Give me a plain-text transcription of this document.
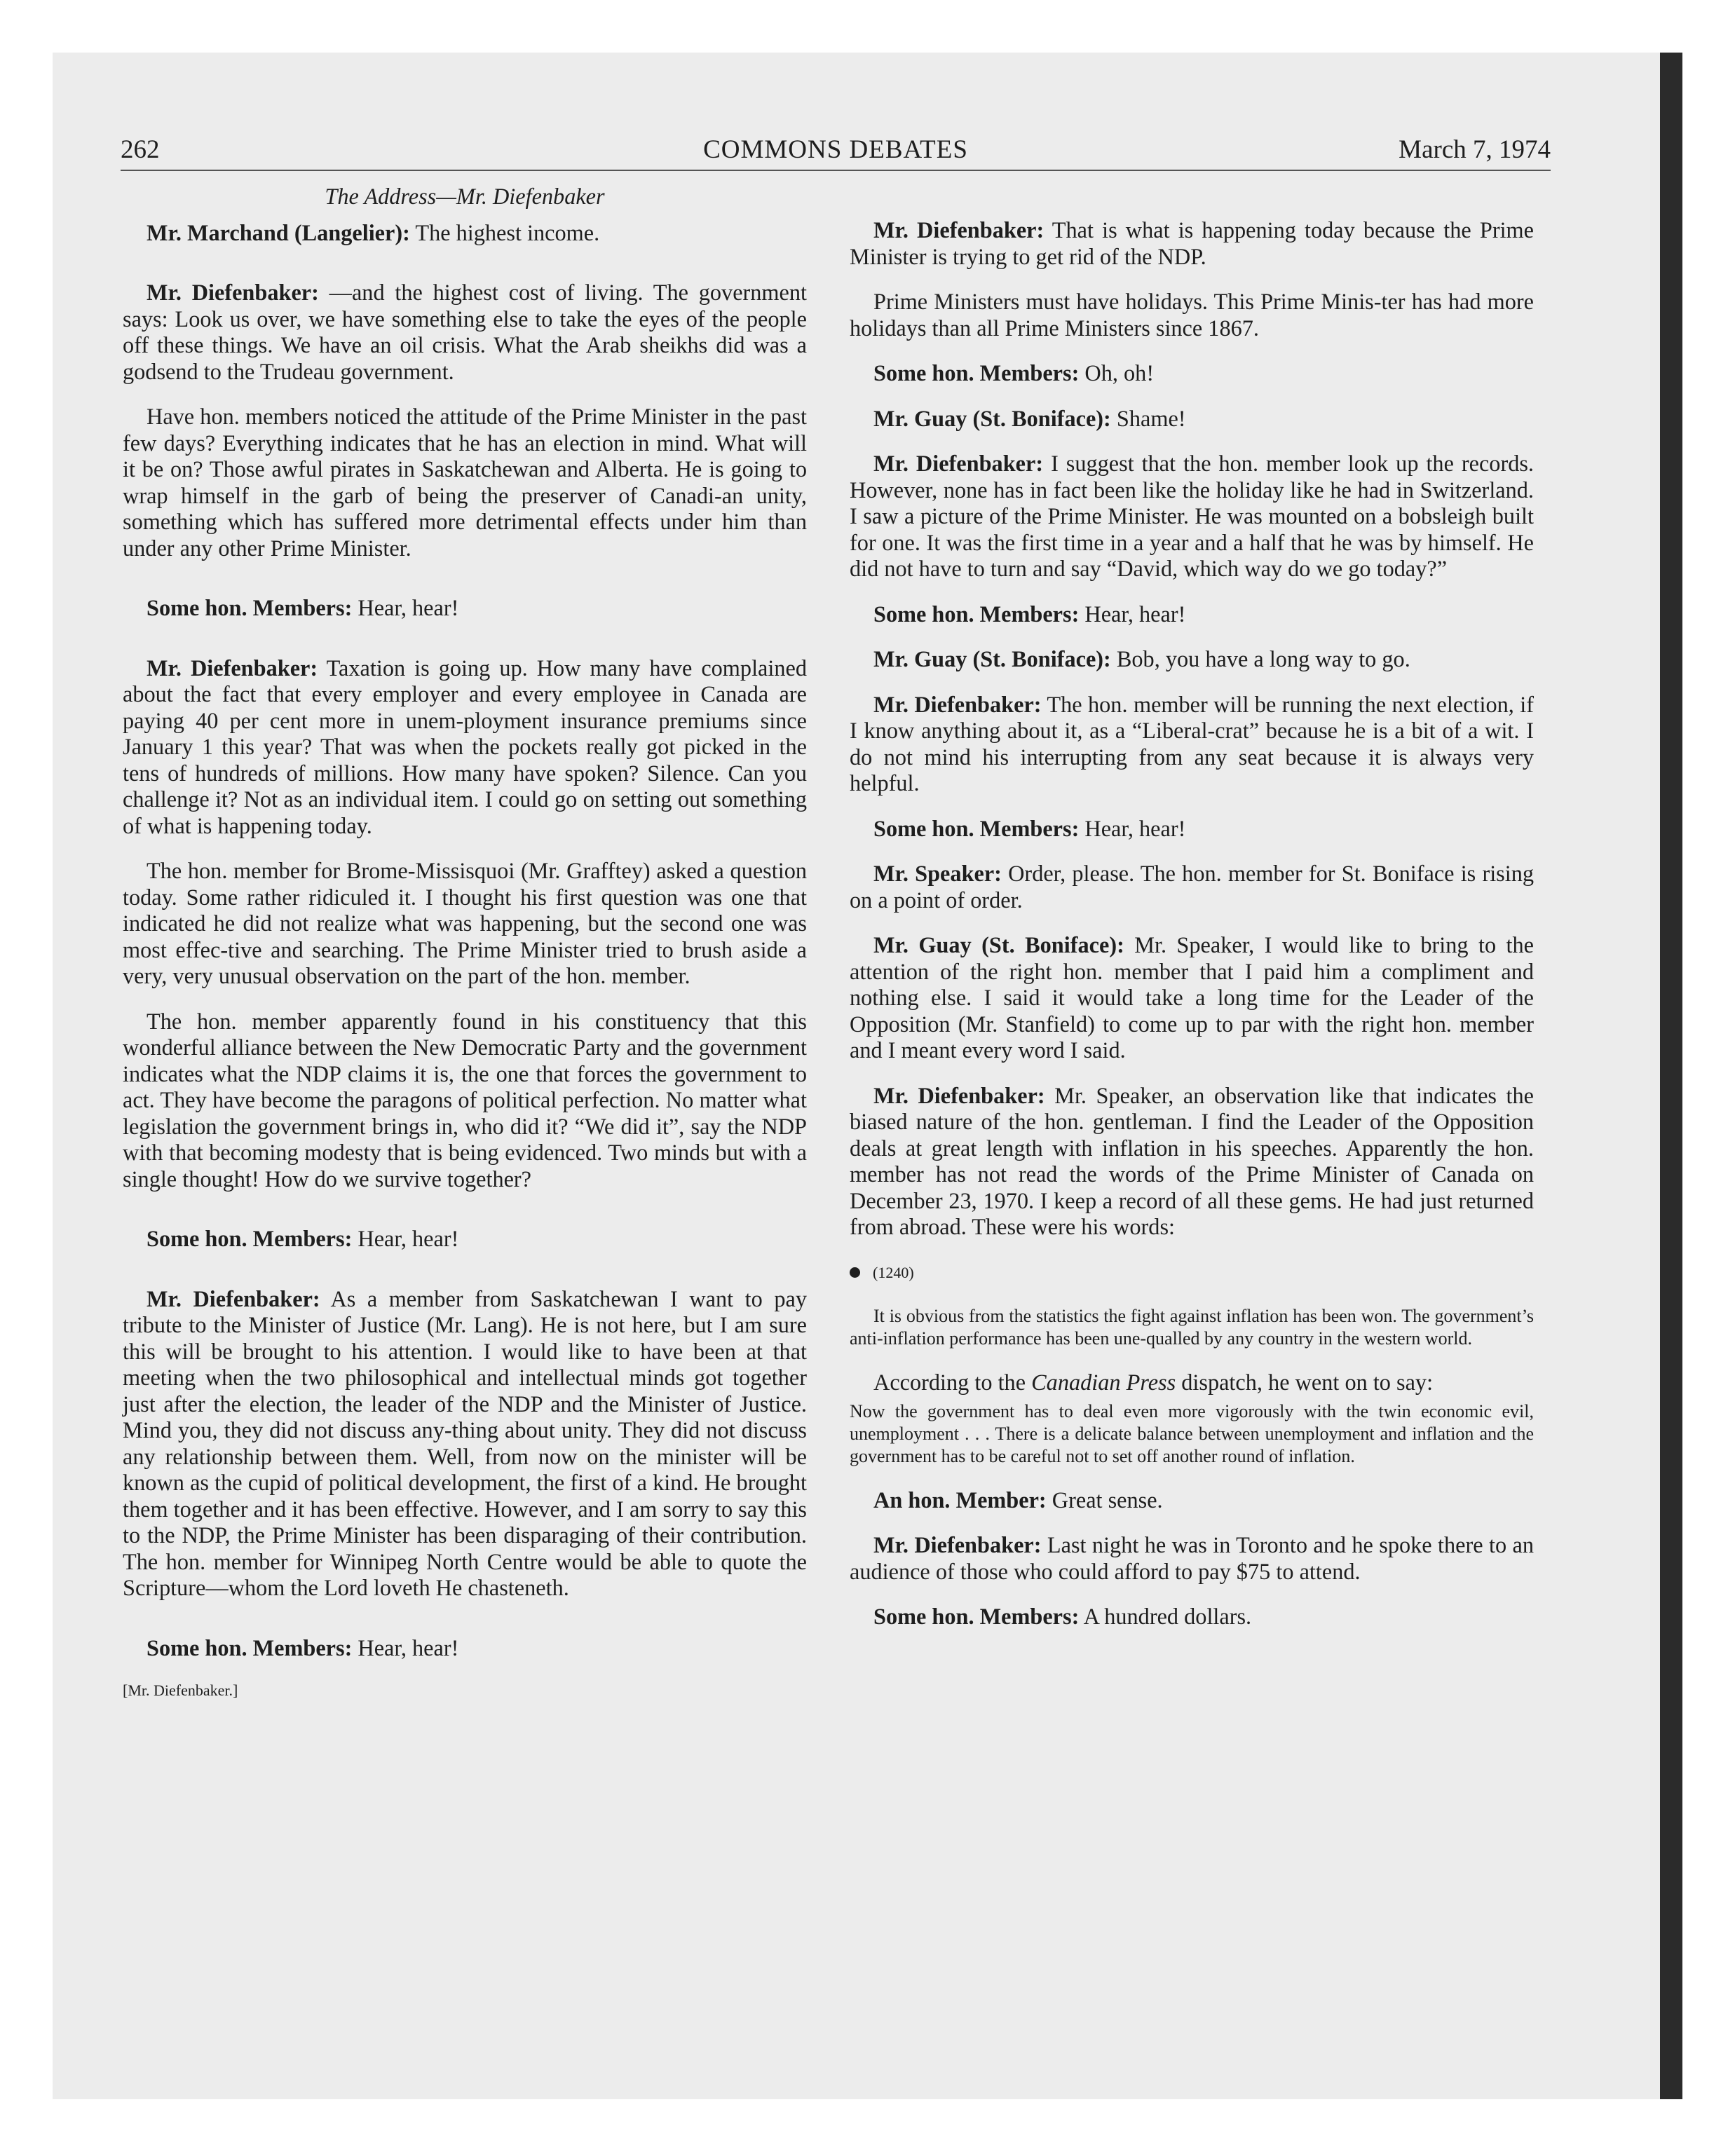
262	COMMONS DEBATES	March 7, 1974
The Address—Mr. Diefenbaker

Mr. Marchand (Langelier): The highest income.

Mr. Diefenbaker: —and the highest cost of living. The government says: Look us over, we have something else to take the eyes of the people off these things. We have an oil crisis. What the Arab sheikhs did was a godsend to the Trudeau government.

Have hon. members noticed the attitude of the Prime Minister in the past few days? Everything indicates that he has an election in mind. What will it be on? Those awful pirates in Saskatchewan and Alberta. He is going to wrap himself in the garb of being the preserver of Canadi-an unity, something which has suffered more detrimental effects under him than under any other Prime Minister.

Some hon. Members: Hear, hear!

Mr. Diefenbaker: Taxation is going up. How many have complained about the fact that every employer and every employee in Canada are paying 40 per cent more in unem-ployment insurance premiums since January 1 this year? That was when the pockets really got picked in the tens of hundreds of millions. How many have spoken? Silence. Can you challenge it? Not as an individual item. I could go on setting out something of what is happening today.

The hon. member for Brome-Missisquoi (Mr. Grafftey) asked a question today. Some rather ridiculed it. I thought his first question was one that indicated he did not realize what was happening, but the second one was most effec-tive and searching. The Prime Minister tried to brush aside a very, very unusual observation on the part of the hon. member.

The hon. member apparently found in his constituency that this wonderful alliance between the New Democratic Party and the government indicates what the NDP claims it is, the one that forces the government to act. They have become the paragons of political perfection. No matter what legislation the government brings in, who did it? “We did it”, say the NDP with that becoming modesty that is being evidenced. Two minds but with a single thought! How do we survive together?

Some hon. Members: Hear, hear!

Mr. Diefenbaker: As a member from Saskatchewan I want to pay tribute to the Minister of Justice (Mr. Lang). He is not here, but I am sure this will be brought to his attention. I would like to have been at that meeting when the two philosophical and intellectual minds got together just after the election, the leader of the NDP and the Minister of Justice. Mind you, they did not discuss any-thing about unity. They did not discuss any relationship between them. Well, from now on the minister will be known as the cupid of political development, the first of a kind. He brought them together and it has been effective. However, and I am sorry to say this to the NDP, the Prime Minister has been disparaging of their contribution. The hon. member for Winnipeg North Centre would be able to quote the Scripture—whom the Lord loveth He chasteneth.

Some hon. Members: Hear, hear!

[Mr. Diefenbaker.]

Mr. Diefenbaker: That is what is happening today because the Prime Minister is trying to get rid of the NDP.

Prime Ministers must have holidays. This Prime Minis-ter has had more holidays than all Prime Ministers since 1867.

Some hon. Members: Oh, oh!

Mr. Guay (St. Boniface): Shame!

Mr. Diefenbaker: I suggest that the hon. member look up the records. However, none has in fact been like the holiday like he had in Switzerland. I saw a picture of the Prime Minister. He was mounted on a bobsleigh built for one. It was the first time in a year and a half that he was by himself. He did not have to turn and say “David, which way do we go today?”

Some hon. Members: Hear, hear!

Mr. Guay (St. Boniface): Bob, you have a long way to go.

Mr. Diefenbaker: The hon. member will be running the next election, if I know anything about it, as a “Liberal-crat” because he is a bit of a wit. I do not mind his interrupting from any seat because it is always very helpful.

Some hon. Members: Hear, hear!

Mr. Speaker: Order, please. The hon. member for St. Boniface is rising on a point of order.

Mr. Guay (St. Boniface): Mr. Speaker, I would like to bring to the attention of the right hon. member that I paid him a compliment and nothing else. I said it would take a long time for the Leader of the Opposition (Mr. Stanfield) to come up to par with the right hon. member and I meant every word I said.

Mr. Diefenbaker: Mr. Speaker, an observation like that indicates the biased nature of the hon. gentleman. I find the Leader of the Opposition deals at great length with inflation in his speeches. Apparently the hon. member has not read the words of the Prime Minister of Canada on December 23, 1970. I keep a record of all these gems. He had just returned from abroad. These were his words:

(1240)
It is obvious from the statistics the fight against inflation has been won. The government’s anti-inflation performance has been une-qualled by any country in the western world.

According to the Canadian Press dispatch, he went on to say:

Now the government has to deal even more vigorously with the twin economic evil, unemployment . . . There is a delicate balance between unemployment and inflation and the government has to be careful not to set off another round of inflation.

An hon. Member: Great sense.

Mr. Diefenbaker: Last night he was in Toronto and he spoke there to an audience of those who could afford to pay $75 to attend.

Some hon. Members: A hundred dollars.
